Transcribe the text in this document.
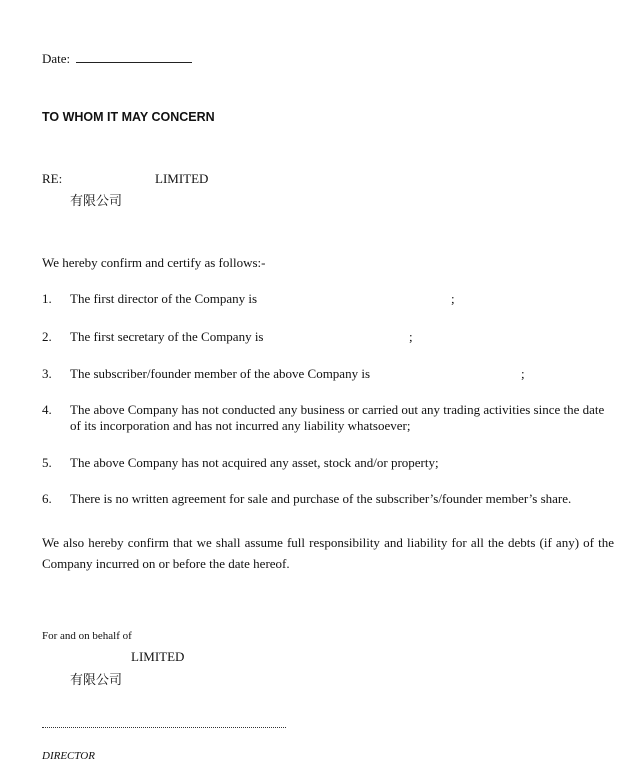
Date:
TO WHOM IT MAY CONCERN
RE:	LIMITED
有限公司
We hereby confirm and certify as follows:-
1. The first director of the Company is	;
2. The first secretary of the Company is	;
3. The subscriber/founder member of the above Company is	;
4. The above Company has not conducted any business or carried out any trading activities since the date of its incorporation and has not incurred any liability whatsoever;
5. The above Company has not acquired any asset, stock and/or property;
6. There is no written agreement for sale and purchase of the subscriber’s/founder member’s share.
We also hereby confirm that we shall assume full responsibility and liability for all the debts (if any) of the Company incurred on or before the date hereof.
For and on behalf of
LIMITED
有限公司
DIRECTOR
